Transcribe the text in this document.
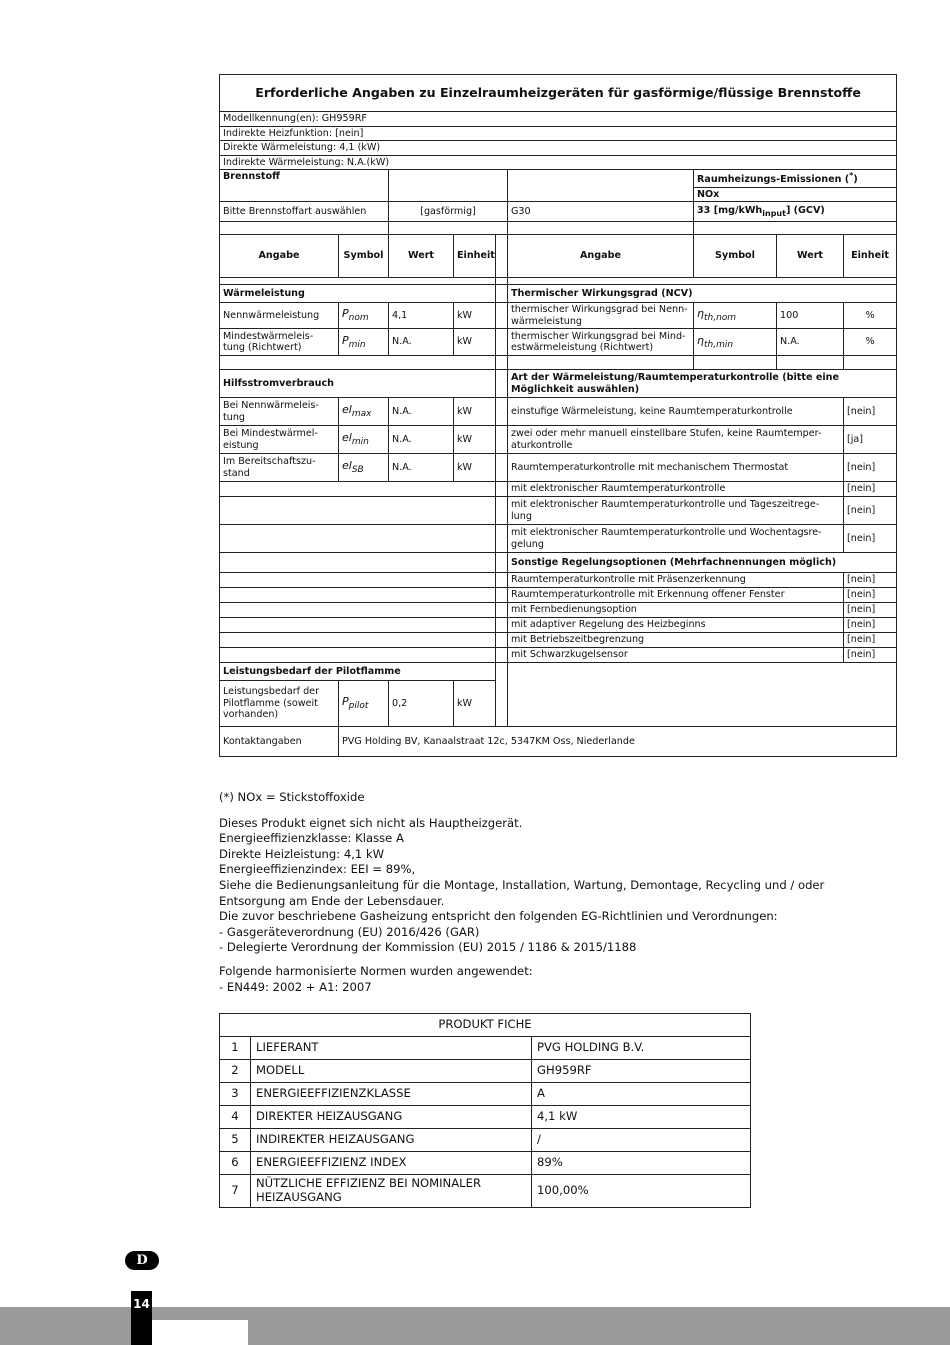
Erforderliche Angaben zu Einzelraumheizgeräten für gasförmige/flüssige Brennstoffe								
Modellkennung(en): GH959RF								
Indirekte Heizfunktion: [nein]								
Direkte Wärmeleistung: 4,1 (kW)								
Indirekte Wärmeleistung: N.A.(kW)								
Brennstoff						Raumheizungs-Emissionen (*)		
						NOx		
Bitte Brennstoffart auswählen		[gasförmig]			G30	33 [mg/kWh$_{input}$] (GCV)		

Angabe	Symbol	Wert	Einheit		Angabe	Symbol	Wert	Einheit

Wärmeleistung					Thermischer Wirkungsgrad (NCV)			
Nennwärmeleistung	$P_{nom}$	4,1	kW		thermischer Wirkungsgrad bei Nenn-wärmeleistung	$\eta_{th,nom}$	100	%
Mindestwärmeleis-tung (Richtwert)	$P_{min}$	N.A.	kW		thermischer Wirkungsgrad bei Mind-estwärmeleistung (Richtwert)	$\eta_{th,min}$	N.A.	%

Hilfsstromverbrauch					Art der Wärmeleistung/Raumtemperaturkontrolle (bitte eine Möglichkeit auswählen)			
Bei Nennwärmeleis-tung	$el_{max}$	N.A.	kW		einstufige Wärmeleistung, keine Raumtemperaturkontrolle			[nein]
Bei Mindestwärmel-eistung	$el_{min}$	N.A.	kW		zwei oder mehr manuell einstellbare Stufen, keine Raumtemper-aturkontrolle			[ja]
Im Bereitschaftszu-stand	$el_{SB}$	N.A.	kW		Raumtemperaturkontrolle mit mechanischem Thermostat			[nein]
					mit elektronischer Raumtemperaturkontrolle			[nein]
					mit elektronischer Raumtemperaturkontrolle und Tageszeitrege-lung			[nein]
					mit elektronischer Raumtemperaturkontrolle und Wochentagsre-gelung			[nein]
					Sonstige Regelungsoptionen (Mehrfachnennungen möglich)			
					Raumtemperaturkontrolle mit Präsenzerkennung			[nein]
					Raumtemperaturkontrolle mit Erkennung offener Fenster			[nein]
					mit Fernbedienungsoption			[nein]
					mit adaptiver Regelung des Heizbeginns			[nein]
					mit Betriebszeitbegrenzung			[nein]
					mit Schwarzkugelsensor			[nein]
Leistungsbedarf der Pilotflamme								
Leistungsbedarf der Pilotflamme (soweit vorhanden)	$P_{pilot}$	0,2	kW					
Kontaktangaben	PVG Holding BV, Kanaalstraat 12c, 5347KM Oss, Niederlande							

(*) NOx = Stickstoffoxide

Dieses Produkt eignet sich nicht als Hauptheizgerät.

Energieeffizienzklasse: Klasse A

Direkte Heizleistung: 4,1 kW

Energieeffizienzindex: EEI = 89%,

Siehe die Bedienungsanleitung für die Montage, Installation, Wartung, Demontage, Recycling und / oder Entsorgung am Ende der Lebensdauer.

Die zuvor beschriebene Gasheizung entspricht den folgenden EG-Richtlinien und Verordnungen:

- Gasgeräteverordnung (EU) 2016/426 (GAR)

- Delegierte Verordnung der Kommission (EU) 2015 / 1186 & 2015/1188

Folgende harmonisierte Normen wurden angewendet:

- EN449: 2002 + A1: 2007

PRODUKT FICHE		
1	LIEFERANT	PVG HOLDING B.V.
2	MODELL	GH959RF
3	ENERGIEEFFIZIENZKLASSE	A
4	DIREKTER HEIZAUSGANG	4,1 kW
5	INDIREKTER HEIZAUSGANG	/
6	ENERGIEEFFIZIENZ INDEX	89%
7	NÜTZLICHE EFFIZIENZ BEI NOMINALER HEIZAUSGANG	100,00%
D
14
